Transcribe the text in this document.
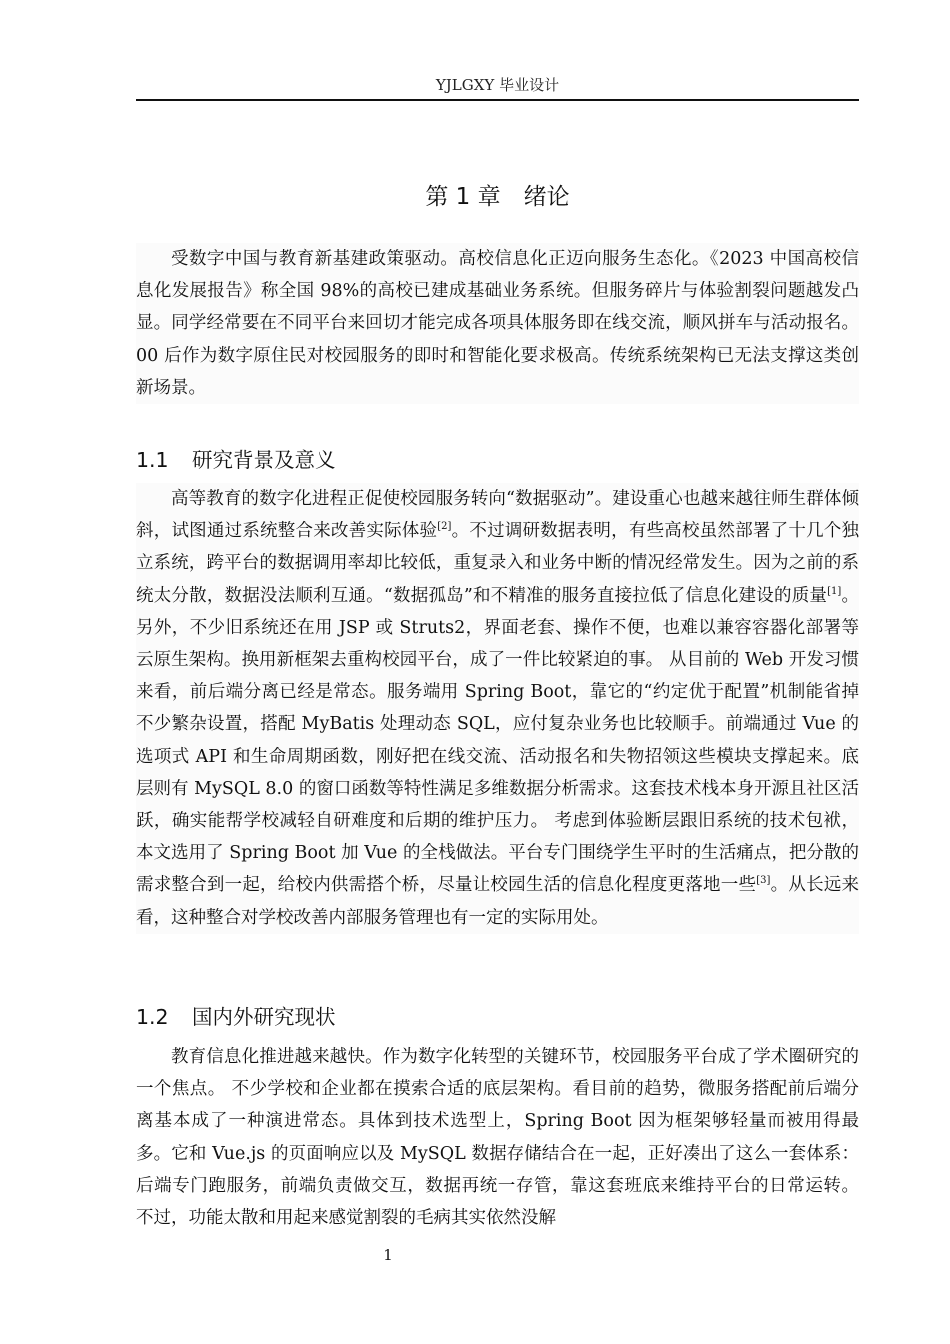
YJLGXY 毕业设计
第 1 章　绪论

受数字中国与教育新基建政策驱动。高校信息化正迈向服务生态化。《2023 中国高校信息化发展报告》称全国 98%的高校已建成基础业务系统。但服务碎片与体验割裂问题越发凸显。同学经常要在不同平台来回切才能完成各项具体服务即在线交流，顺风拼车与活动报名。00 后作为数字原住民对校园服务的即时和智能化要求极高。传统系统架构已无法支撑这类创新场景。

1.1 研究背景及意义

高等教育的数字化进程正促使校园服务转向“数据驱动”。建设重心也越来越往师生群体倾斜，试图通过系统整合来改善实际体验[2]。不过调研数据表明，有些高校虽然部署了十几个独立系统，跨平台的数据调用率却比较低，重复录入和业务中断的情况经常发生。因为之前的系统太分散，数据没法顺利互通。“数据孤岛”和不精准的服务直接拉低了信息化建设的质量[1]。另外，不少旧系统还在用 JSP 或 Struts2，界面老套、操作不便，也难以兼容容器化部署等云原生架构。换用新框架去重构校园平台，成了一件比较紧迫的事。 从目前的 Web 开发习惯来看，前后端分离已经是常态。服务端用 Spring Boot，靠它的“约定优于配置”机制能省掉不少繁杂设置，搭配 MyBatis 处理动态 SQL，应付复杂业务也比较顺手。前端通过 Vue 的选项式 API 和生命周期函数，刚好把在线交流、活动报名和失物招领这些模块支撑起来。底层则有 MySQL 8.0 的窗口函数等特性满足多维数据分析需求。这套技术栈本身开源且社区活跃，确实能帮学校减轻自研难度和后期的维护压力。 考虑到体验断层跟旧系统的技术包袱，本文选用了 Spring Boot 加 Vue 的全栈做法。平台专门围绕学生平时的生活痛点，把分散的需求整合到一起，给校内供需搭个桥，尽量让校园生活的信息化程度更落地一些[3]。从长远来看，这种整合对学校改善内部服务管理也有一定的实际用处。

1.2 国内外研究现状

教育信息化推进越来越快。作为数字化转型的关键环节，校园服务平台成了学术圈研究的一个焦点。 不少学校和企业都在摸索合适的底层架构。看目前的趋势，微服务搭配前后端分离基本成了一种演进常态。具体到技术选型上，Spring Boot 因为框架够轻量而被用得最多。它和 Vue.js 的页面响应以及 MySQL 数据存储结合在一起，正好凑出了这么一套体系：后端专门跑服务，前端负责做交互，数据再统一存管，靠这套班底来维持平台的日常运转。 不过，功能太散和用起来感觉割裂的毛病其实依然没解

1
